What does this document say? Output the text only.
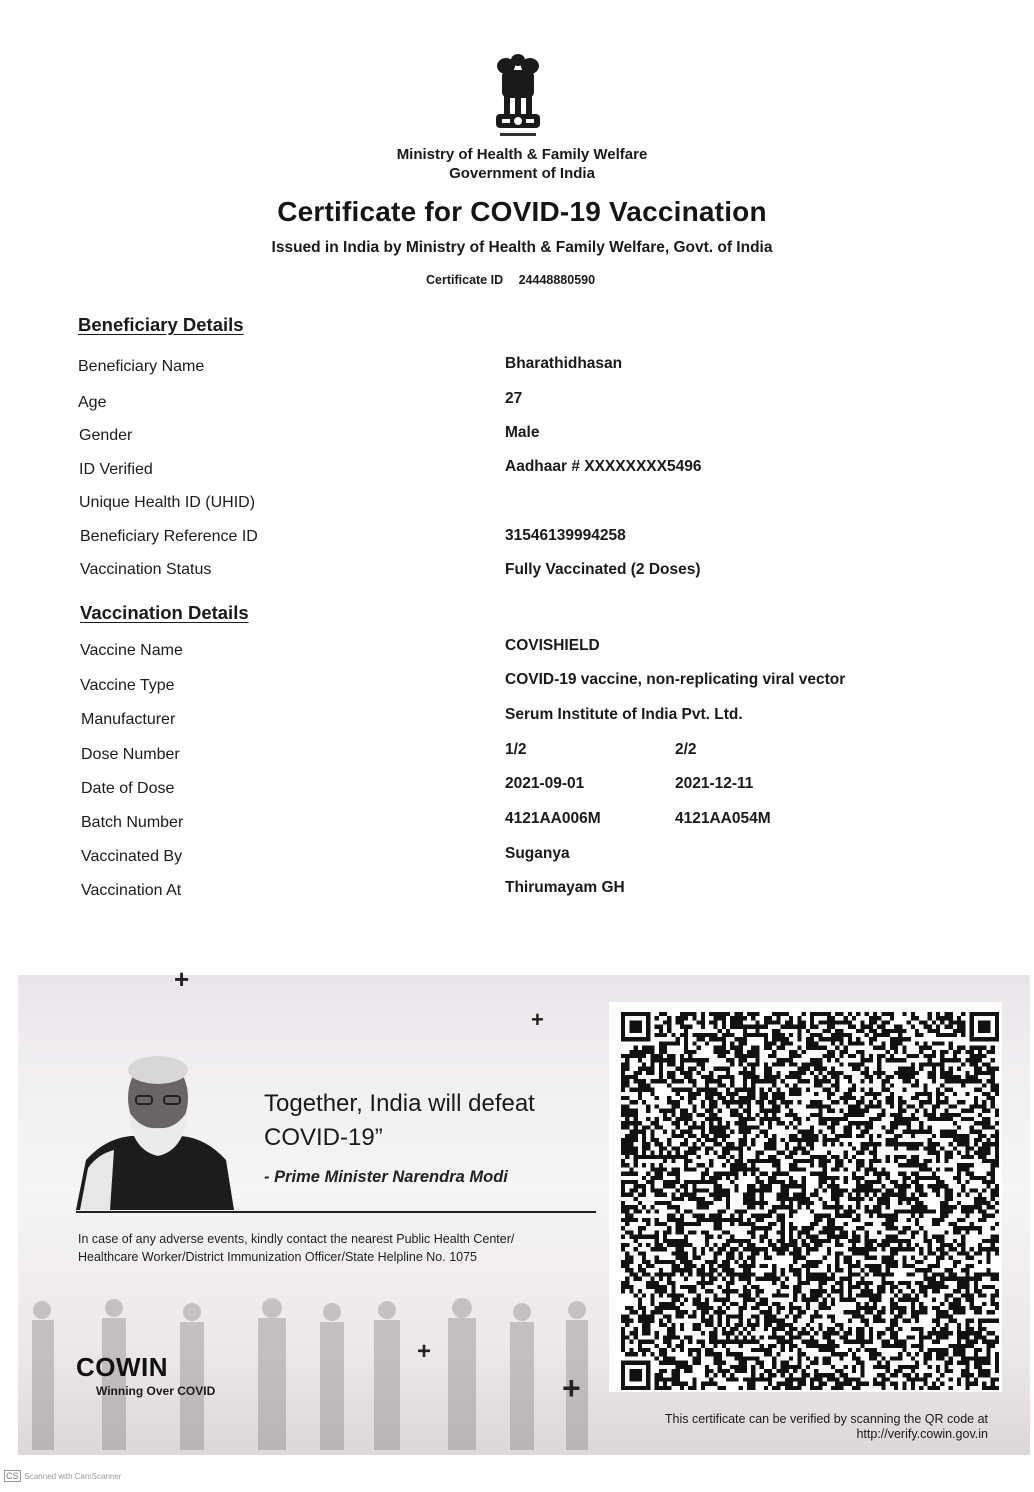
Ministry of Health & Family Welfare
Government of India
Certificate for COVID-19 Vaccination
Issued in India by Ministry of Health & Family Welfare, Govt. of India
Certificate ID 24448880590
Beneficiary Details
Beneficiary Name	Bharathidhasan
Age	27
Gender	Male
ID Verified	Aadhaar # XXXXXXXX5496
Unique Health ID (UHID)
Beneficiary Reference ID	31546139994258
Vaccination Status	Fully Vaccinated (2 Doses)
Vaccination Details
Vaccine Name	COVISHIELD
Vaccine Type	COVID-19 vaccine, non-replicating viral vector
Manufacturer	Serum Institute of India Pvt. Ltd.
Dose Number	1/2	2/2
Date of Dose	2021-09-01	2021-12-11
Batch Number	4121AA006M	4121AA054M
Vaccinated By	Suganya
Vaccination At	Thirumayam GH
+
+
+
+
Together, India will defeat
COVID-19”
- Prime Minister Narendra Modi
In case of any adverse events, kindly contact the nearest Public Health Center/
Healthcare Worker/District Immunization Officer/State Helpline No. 1075
COWIN
Winning Over COVID
This certificate can be verified by scanning the QR code at
http://verify.cowin.gov.in
CS Scanned with CamScanner
